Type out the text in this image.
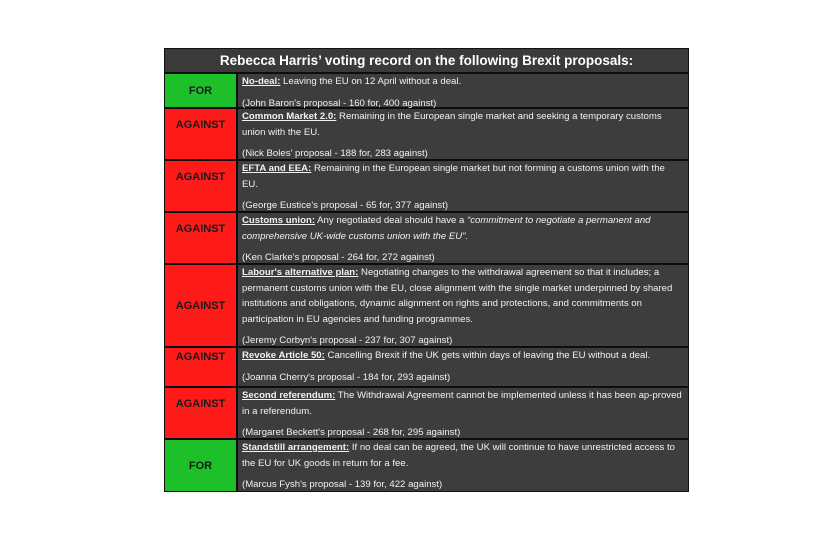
Rebecca Harris’ voting record on the following Brexit proposals:
FOR
No-deal: Leaving the EU on 12 April without a deal.
(John Baron's proposal - 160 for, 400 against)
AGAINST
Common Market 2.0: Remaining in the European single market and seeking a temporary customs union with the EU.
(Nick Boles' proposal - 188 for, 283 against)
AGAINST
EFTA and EEA: Remaining in the European single market but not forming a customs union with the EU.
(George Eustice's proposal - 65 for, 377 against)
AGAINST
Customs union: Any negotiated deal should have a “commitment to negotiate a permanent and comprehensive UK-wide customs union with the EU”.
(Ken Clarke's proposal - 264 for, 272 against)
AGAINST
Labour's alternative plan: Negotiating changes to the withdrawal agreement so that it includes; a permanent customs union with the EU, close alignment with the single market underpinned by shared institutions and obligations, dynamic alignment on rights and protections, and commitments on participation in EU agencies and funding programmes.
(Jeremy Corbyn's proposal - 237 for, 307 against)
AGAINST	Revoke Article 50: Cancelling Brexit if the UK gets within days of leaving the EU without a deal.
(Joanna Cherry's proposal - 184 for, 293 against)
AGAINST
Second referendum: The Withdrawal Agreement cannot be implemented unless it has been ap-proved in a referendum.
(Margaret Beckett's proposal - 268 for, 295 against)
FOR
Standstill arrangement: If no deal can be agreed, the UK will continue to have unrestricted access to the EU for UK goods in return for a fee.
(Marcus Fysh's proposal - 139 for, 422 against)
